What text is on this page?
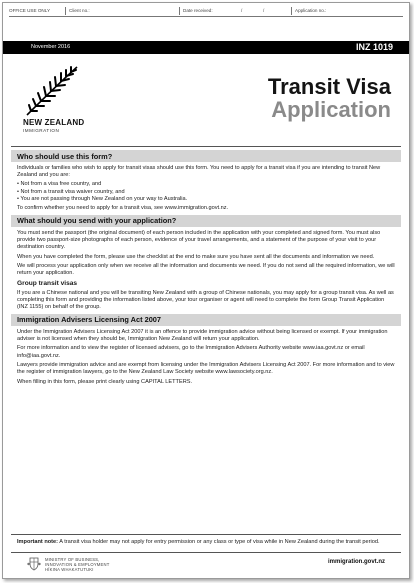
OFFICE USE ONLY	Client no.:	Date received:	/	/	Application no.:
November 2016	INZ 1019
NEW ZEALAND
IMMIGRATION
Transit Visa
Application
Who should use this form?

Individuals or families who wish to apply for transit visas should use this form. You need to apply for a transit visa if you are intending to transit New Zealand and you are:

• Not from a visa free country, and
• Not from a transit visa waiver country, and
• You are not passing through New Zealand on your way to Australia.

To confirm whether you need to apply for a transit visa, see www.immigration.govt.nz.

What should you send with your application?

You must send the passport (the original document) of each person included in the application with your completed and signed form. You must also provide two passport-size photographs of each person, evidence of your travel arrangements, and a statement of the purpose of your visit to your destination country.

When you have completed the form, please use the checklist at the end to make sure you have sent all the documents and information we need.

We will process your application only when we receive all the information and documents we need. If you do not send all the required information, we will return your application.

Group transit visas

If you are a Chinese national and you will be transiting New Zealand with a group of Chinese nationals, you may apply for a group transit visa. As well as completing this form and providing the information listed above, your tour organiser or agent will need to complete the form Group Transit Application (INZ 1155) on behalf of the group.

Immigration Advisers Licensing Act 2007

Under the Immigration Advisers Licensing Act 2007 it is an offence to provide immigration advice without being licensed or exempt. If your immigration adviser is not licensed when they should be, Immigration New Zealand will return your application.

For more information and to view the register of licensed advisers, go to the Immigration Advisers Authority website www.iaa.govt.nz or email info@iaa.govt.nz.

Lawyers provide immigration advice and are exempt from licensing under the Immigration Advisers Licensing Act 2007. For more information and to view the register of immigration lawyers, go to the New Zealand Law Society website www.lawsociety.org.nz.

When filling in this form, please print clearly using CAPITAL LETTERS.

Important note: A transit visa holder may not apply for entry permission or any class or type of visa while in New Zealand during the transit period.
MINISTRY OF BUSINESS,
INNOVATION & EMPLOYMENT
HĪKINA WHAKATUTUKI
immigration.govt.nz
